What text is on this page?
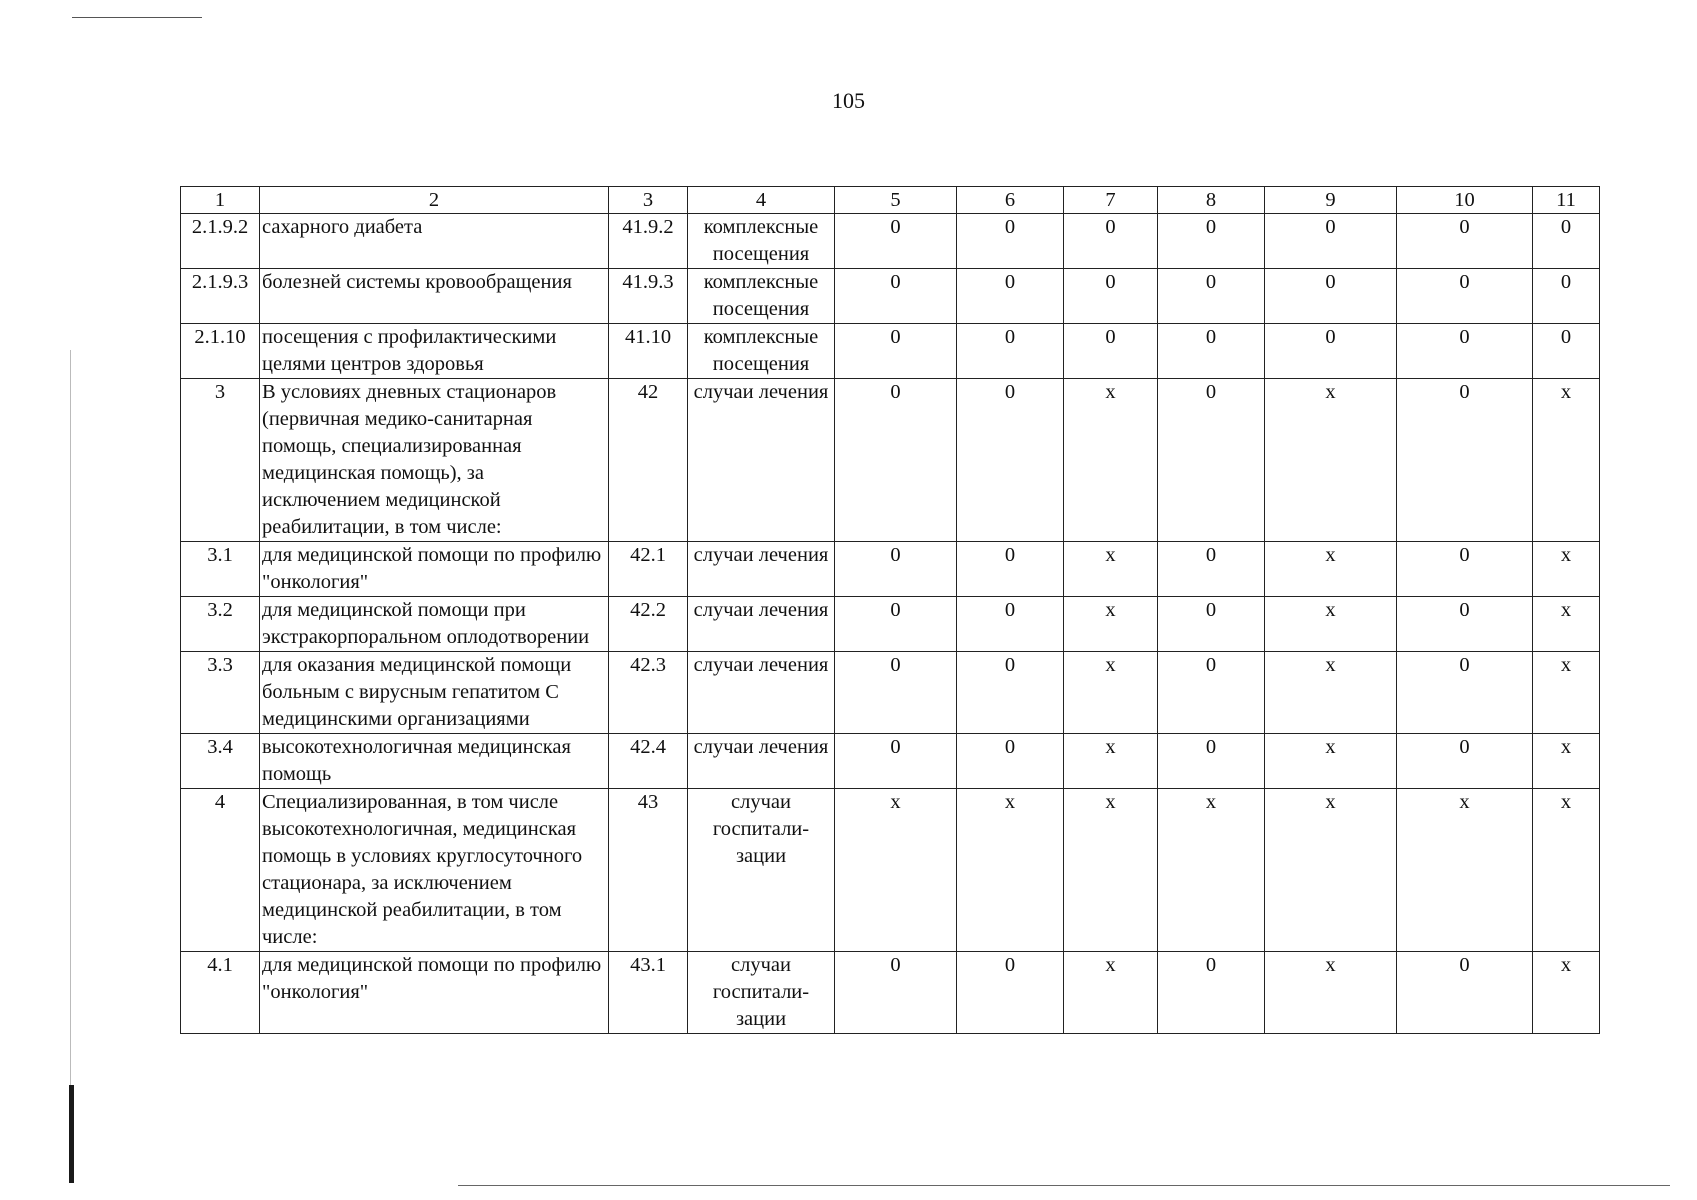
105
1	2	3	4	5	6	7	8	9	10	11
2.1.9.2	сахарного диабета	41.9.2	комплексные посещения	0	0	0	0	0	0	0
2.1.9.3	болезней системы кровообращения	41.9.3	комплексные посещения	0	0	0	0	0	0	0
2.1.10	посещения с профилактическими целями центров здоровья	41.10	комплексные посещения	0	0	0	0	0	0	0
3	В условиях дневных стационаров (первичная медико-санитарная помощь, специализированная медицинская помощь), за исключением медицинской реабилитации, в том числе:	42	случаи лечения	0	0	x	0	x	0	x
3.1	для медицинской помощи по профилю "онкология"	42.1	случаи лечения	0	0	x	0	x	0	x
3.2	для медицинской помощи при экстракорпоральном оплодотворении	42.2	случаи лечения	0	0	x	0	x	0	x
3.3	для оказания медицинской помощи больным с вирусным гепатитом С медицинскими организациями	42.3	случаи лечения	0	0	x	0	x	0	x
3.4	высокотехнологичная медицинская помощь	42.4	случаи лечения	0	0	x	0	x	0	x
4	Специализированная, в том числе высокотехнологичная, медицинская помощь в условиях круглосуточного стационара, за исключением медицинской реабилитации, в том числе:	43	случаи госпитали-зации	x	x	x	x	x	x	x
4.1	для медицинской помощи по профилю "онкология"	43.1	случаи госпитали-зации	0	0	x	0	x	0	x
